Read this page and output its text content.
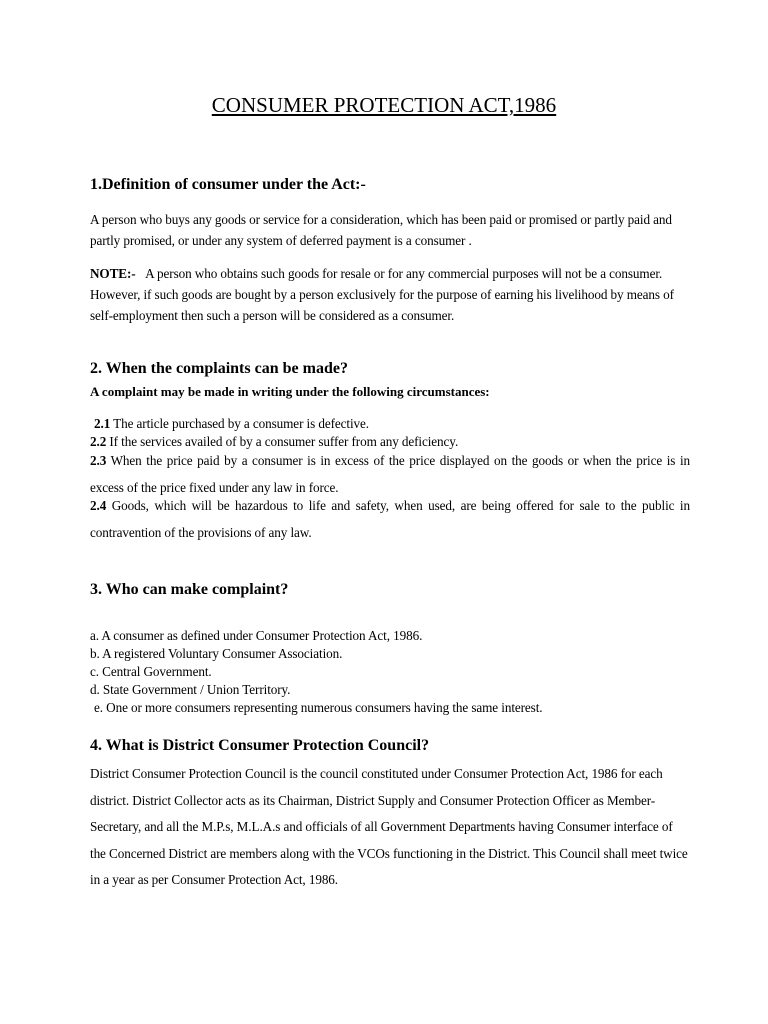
CONSUMER PROTECTION ACT,1986
1.Definition of consumer under the Act:-

A person who buys any goods or service for a consideration, which has been paid or promised or partly paid and partly promised, or under any system of deferred payment is a consumer .

NOTE:- A person who obtains such goods for resale or for any commercial purposes will not be a consumer. However, if such goods are bought by a person exclusively for the purpose of earning his livelihood by means of self-employment then such a person will be considered as a consumer.

2. When the complaints can be made?

A complaint may be made in writing under the following circumstances:

2.1 The article purchased by a consumer is defective.

2.2 If the services availed of by a consumer suffer from any deficiency.

2.3 When the price paid by a consumer is in excess of the price displayed on the goods or when the price is in excess of the price fixed under any law in force.

2.4 Goods, which will be hazardous to life and safety, when used, are being offered for sale to the public in contravention of the provisions of any law.

3. Who can make complaint?

a. A consumer as defined under Consumer Protection Act, 1986.

b. A registered Voluntary Consumer Association.

c. Central Government.

d. State Government / Union Territory.

e. One or more consumers representing numerous consumers having the same interest.

4. What is District Consumer Protection Council?

District Consumer Protection Council is the council constituted under Consumer Protection Act, 1986 for each district. District Collector acts as its Chairman, District Supply and Consumer Protection Officer as Member-Secretary, and all the M.P.s, M.L.A.s and officials of all Government Departments having Consumer interface of the Concerned District are members along with the VCOs functioning in the District. This Council shall meet twice in a year as per Consumer Protection Act, 1986.
